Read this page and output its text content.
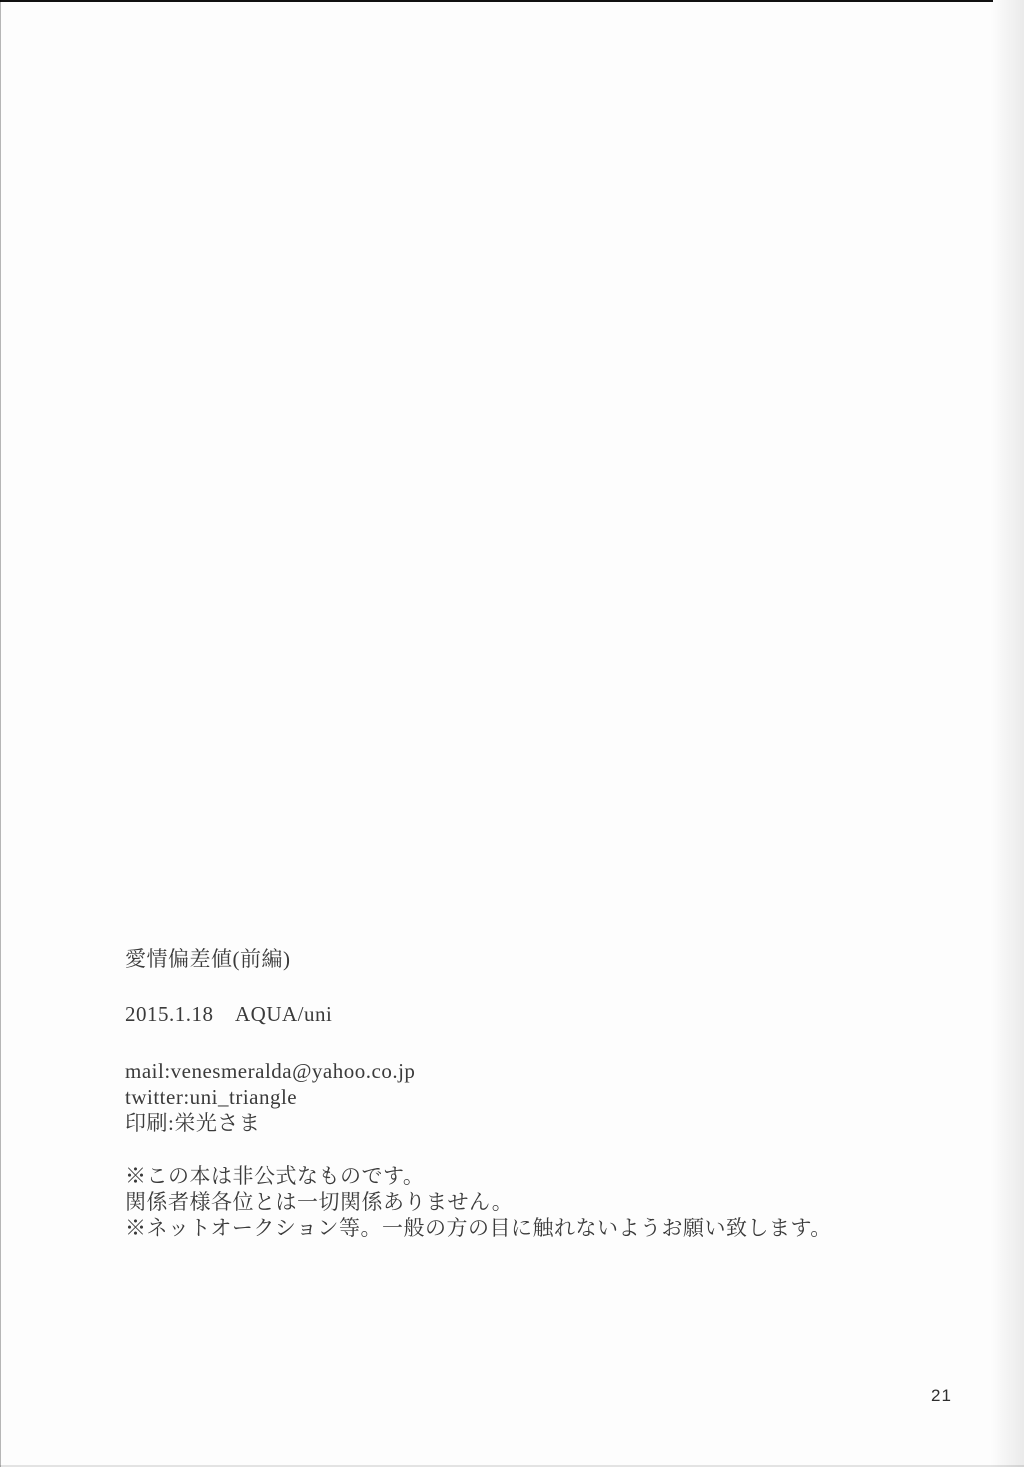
愛情偏差値(前編)
2015.1.18　AQUA/uni
mail:venesmeralda@yahoo.co.jp
twitter:uni_triangle
印刷:栄光さま
※この本は非公式なものです。
関係者様各位とは一切関係ありません。
※ネットオークション等。一般の方の目に触れないようお願い致します。
21
